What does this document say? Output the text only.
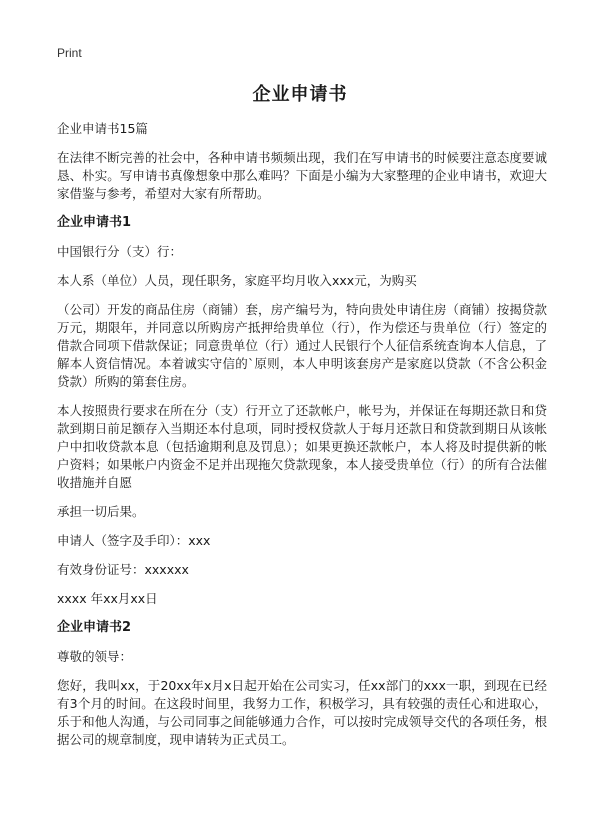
Print
企业申请书

企业申请书15篇

在法律不断完善的社会中，各种申请书频频出现，我们在写申请书的时候要注意态度要诚恳、朴实。写申请书真像想象中那么难吗？下面是小编为大家整理的企业申请书，欢迎大家借鉴与参考，希望对大家有所帮助。

企业申请书1

中国银行分（支）行：

本人系（单位）人员，现任职务，家庭平均月收入xxx元，为购买

（公司）开发的商品住房（商铺）套，房产编号为，特向贵处申请住房（商铺）按揭贷款万元，期限年，并同意以所购房产抵押给贵单位（行），作为偿还与贵单位（行）签定的借款合同项下借款保证；同意贵单位（行）通过人民银行个人征信系统查询本人信息，了解本人资信情况。本着诚实守信的`原则，本人申明该套房产是家庭以贷款（不含公积金贷款）所购的第套住房。

本人按照贵行要求在所在分（支）行开立了还款帐户，帐号为，并保证在每期还款日和贷款到期日前足额存入当期还本付息项，同时授权贷款人于每月还款日和贷款到期日从该帐户中扣收贷款本息（包括逾期利息及罚息）；如果更换还款帐户，本人将及时提供新的帐户资料；如果帐户内资金不足并出现拖欠贷款现象，本人接受贵单位（行）的所有合法催收措施并自愿

承担一切后果。

申请人（签字及手印）：xxx

有效身份证号：xxxxxx

xxxx 年xx月xx日

企业申请书2

尊敬的领导：

您好，我叫xx，于20xx年x月x日起开始在公司实习，任xx部门的xxx一职，到现在已经有3个月的时间。在这段时间里，我努力工作，积极学习，具有较强的责任心和进取心，乐于和他人沟通，与公司同事之间能够通力合作，可以按时完成领导交代的各项任务，根据公司的规章制度，现申请转为正式员工。
